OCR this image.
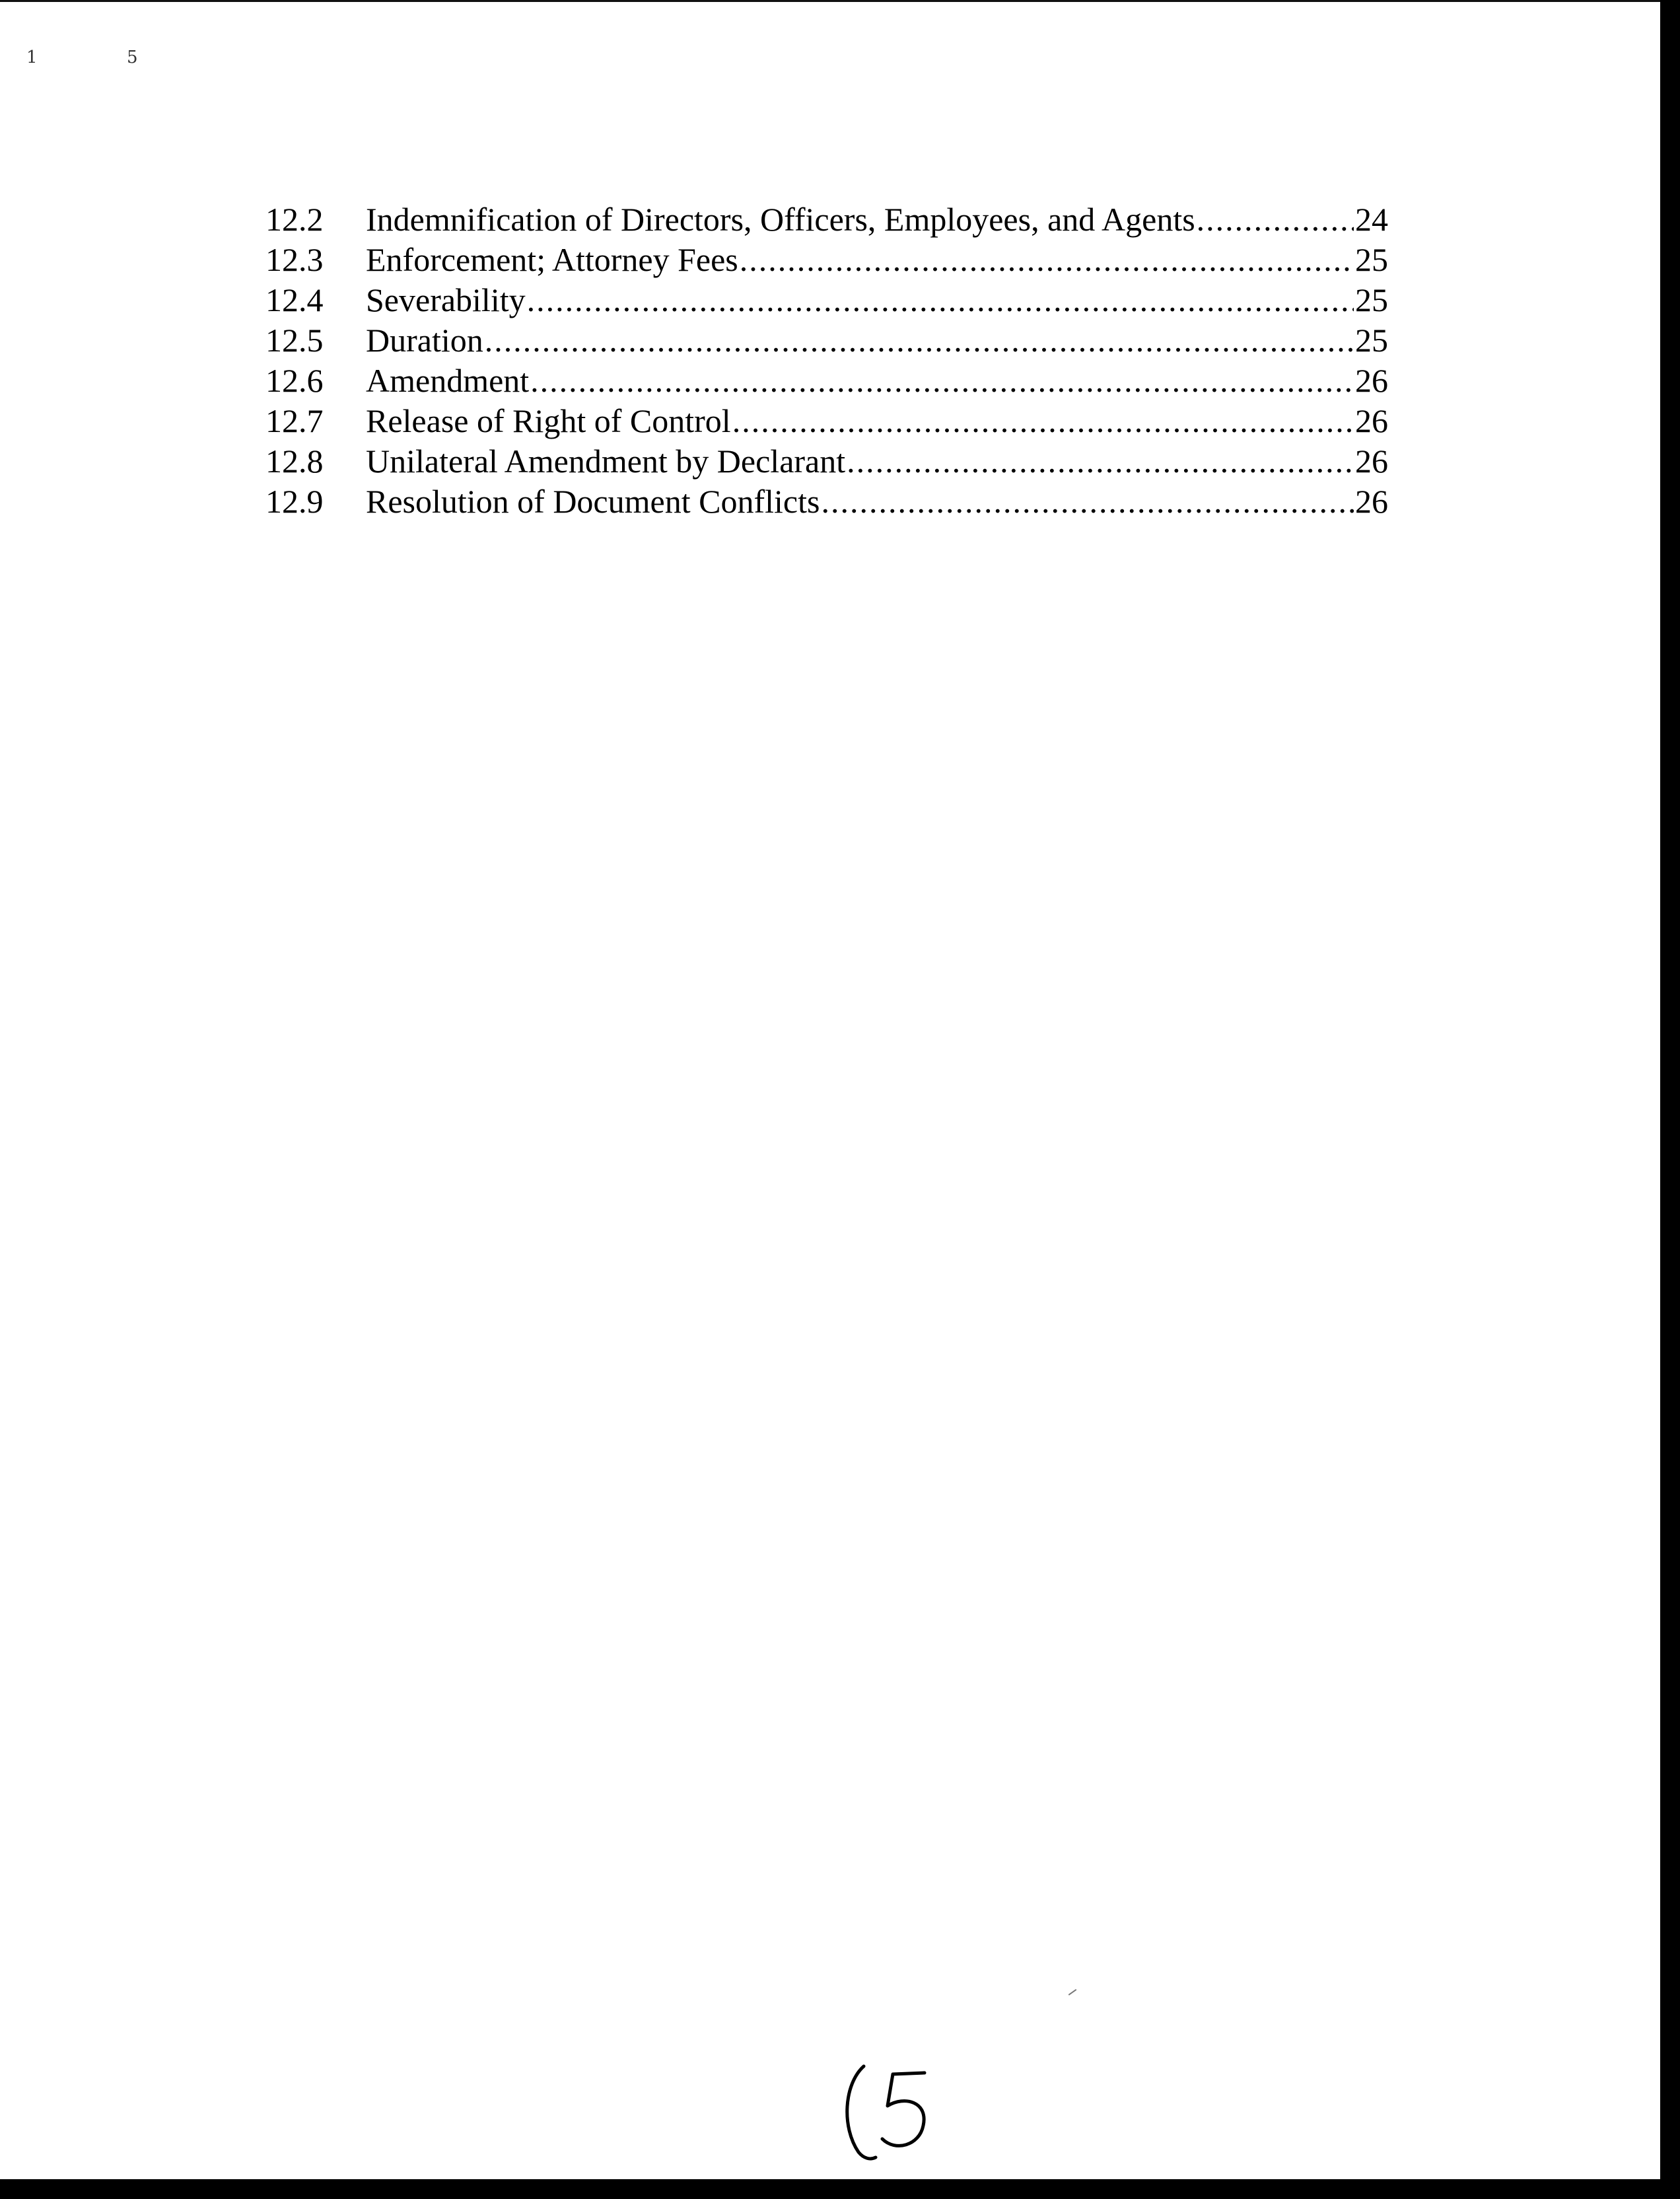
1	5
12.2	Indemnification of Directors, Officers, Employees, and Agents .....	24
12.3	Enforcement; Attorney Fees .....	25
12.4	Severability .....	25
12.5	Duration .....	25
12.6	Amendment .....	26
12.7	Release of Right of Control .....	26
12.8	Unilateral Amendment by Declarant .....	26
12.9	Resolution of Document Conflicts .....	26
